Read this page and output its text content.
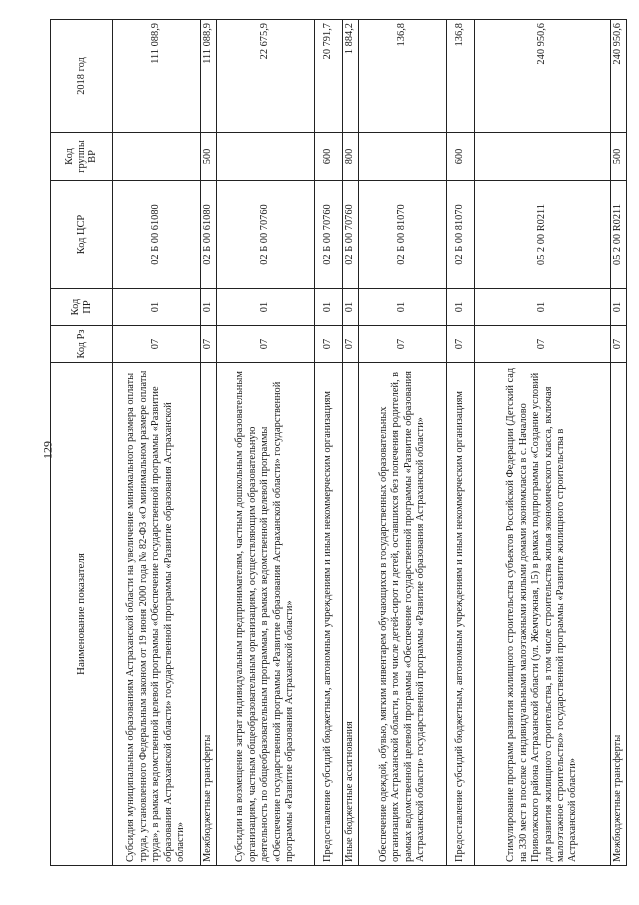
129
Наименование показателя	Код Рз	Код ПР	Код ЦСР	Код группы ВР	2018 год
Субсидия муниципальным образованиям Астраханской области на увеличение минимального размера оплаты труда, установленного Федеральным законом от 19 июня 2000 года № 82-ФЗ «О минимальном размере оплаты труда», в рамках ведомственной целевой программы «Обеспечение государственной программы «Развитие образования Астраханской области» государственной программы «Развитие образования Астраханской области»	07	01	02 Б 00 61080		111 088,9
Межбюджетные трансферты	07	01	02 Б 00 61080	500	111 088,9
Субсидии на возмещение затрат индивидуальным предпринимателям, частным дошкольным образовательным организациям, частным общеобразовательным организациям, осуществляющим образовательную деятельность по общеобразовательным программам, в рамках ведомственной целевой программы «Обеспечение государственной программы «Развитие образования Астраханской области» государственной программы «Развитие образования Астраханской области»	07	01	02 Б 00 70760		22 675,9
Предоставление субсидий бюджетным, автономным учреждениям и иным некоммерческим организациям	07	01	02 Б 00 70760	600	20 791,7
Иные бюджетные ассигнования	07	01	02 Б 00 70760	800	1 884,2
Обеспечение одеждой, обувью, мягким инвентарем обучающихся в государственных образовательных организациях Астраханской области, в том числе детей-сирот и детей, оставшихся без попечения родителей, в рамках ведомственной целевой программы «Обеспечение государственной программы «Развитие образования Астраханской области» государственной программы «Развитие образования Астраханской области»	07	01	02 Б 00 81070		136,8
Предоставление субсидий бюджетным, автономным учреждениям и иным некоммерческим организациям	07	01	02 Б 00 81070	600	136,8
Стимулирование программ развития жилищного строительства субъектов Российской Федерации (Детский сад на 330 мест в поселке с индивидуальными малоэтажными жилыми домами экономкласса в с. Началово Приволжского района Астраханской области (ул. Жемчужная, 15) в рамках подпрограммы «Создание условий для развития жилищного строительства, в том числе строительства жилья экономического класса, включая малоэтажное строительство» государственной программы «Развитие жилищного строительства в Астраханской области»	07	01	05 2 00 R0211		240 950,6
Межбюджетные трансферты	07	01	05 2 00 R0211	500	240 950,6
